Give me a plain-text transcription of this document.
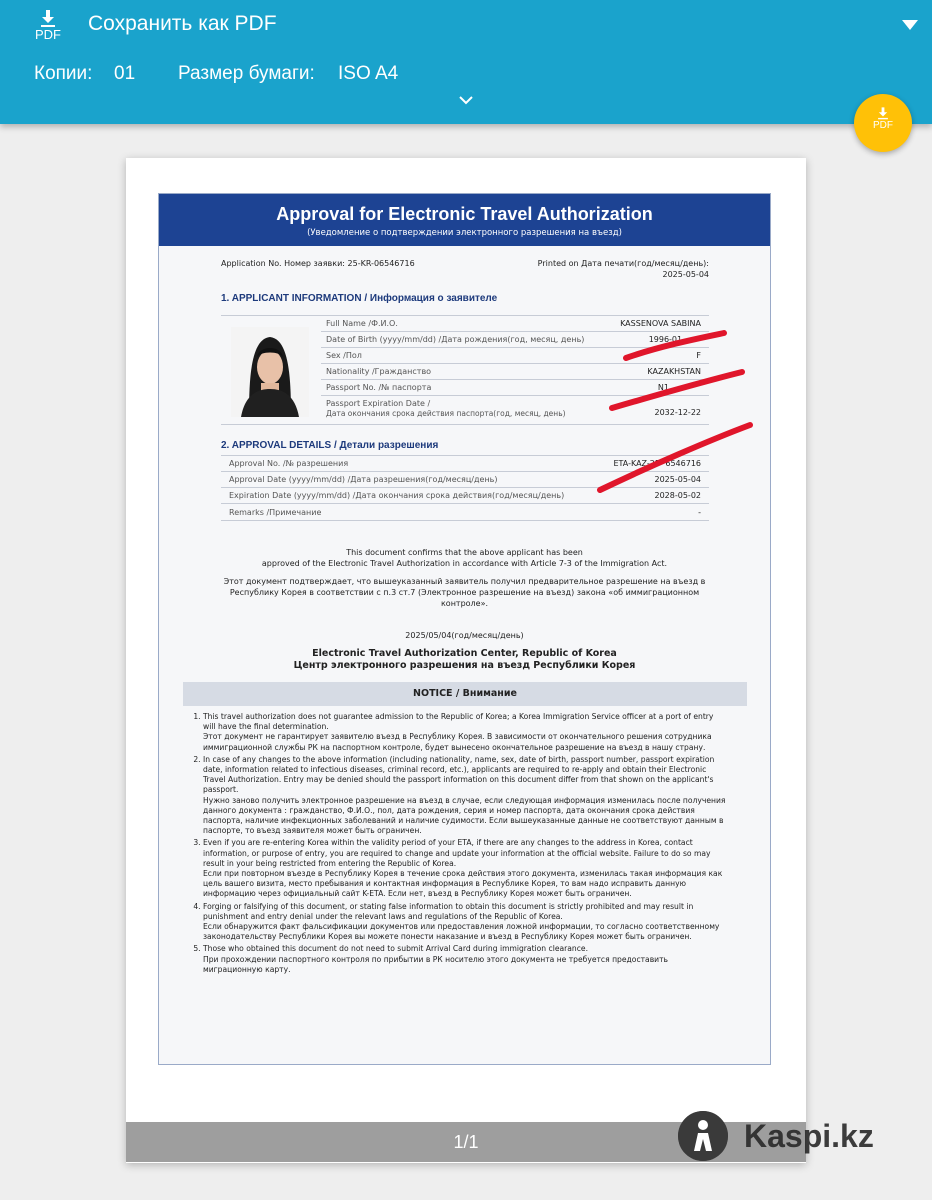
PDF Сохранить как PDF
Копии: 01 Размер бумаги: ISO A4
PDF
Approval for Electronic Travel Authorization
(Уведомление о подтверждении электронного разрешения на въезд)
Application No. Номер заявки: 25-KR-06546716	Printed on Дата печати(год/месяц/день):
2025-05-04
1. APPLICANT INFORMATION / Информация о заявителе
Full Name /Ф.И.О.	KASSENOVA SABINA
Date of Birth (yyyy/mm/dd) /Дата рождения(год, месяц, день)	1996-01-
Sex /Пол	F
Nationality /Гражданство	KAZAKHSTAN
Passport No. /№ паспорта	N1
Passport Expiration Date /
Дата окончания срока действия паспорта(год, месяц, день)	2032-12-22
2. APPROVAL DETAILS / Детали разрешения
Approval No. /№ разрешения	ETA-KAZ-25- 6546716
Approval Date (yyyy/mm/dd) /Дата разрешения(год/месяц/день)	2025-05-04
Expiration Date (yyyy/mm/dd) /Дата окончания срока действия(год/месяц/день)	2028-05-02
Remarks /Примечание	-
This document confirms that the above applicant has been
approved of the Electronic Travel Authorization in accordance with Article 7-3 of the Immigration Act.
Этот документ подтверждает, что вышеуказанный заявитель получил предварительное разрешение на въезд в
Республику Корея в соответствии с п.3 ст.7 (Электронное разрешение на въезд) закона «об иммиграционном
контроле».
2025/05/04(год/месяц/день)
Electronic Travel Authorization Center, Republic of Korea
Центр электронного разрешения на въезд Республики Корея
NOTICE / Внимание
1. This travel authorization does not guarantee admission to the Republic of Korea; a Korea Immigration Service officer at a port of entry will have the final determination.
Этот документ не гарантирует заявителю въезд в Республику Корея. В зависимости от окончательного решения сотрудника иммиграционной службы РК на паспортном контроле, будет вынесено окончательное разрешение на въезд в нашу страну.
2. In case of any changes to the above information (including nationality, name, sex, date of birth, passport number, passport expiration date, information related to infectious diseases, criminal record, etc.), applicants are required to re-apply and obtain their Electronic Travel Authorization. Entry may be denied should the passport information on this document differ from that shown on the applicant's passport.
Нужно заново получить электронное разрешение на въезд в случае, если следующая информация изменилась после получения данного документа : гражданство, Ф.И.О., пол, дата рождения, серия и номер паспорта, дата окончания срока действия паспорта, наличие инфекционных заболеваний и наличие судимости. Если вышеуказанные данные не соответствуют данным в паспорте, то въезд заявителя может быть ограничен.
3. Even if you are re-entering Korea within the validity period of your ETA, if there are any changes to the address in Korea, contact information, or purpose of entry, you are required to change and update your information at the official website. Failure to do so may result in your being restricted from entering the Republic of Korea.
Если при повторном въезде в Республику Корея в течение срока действия этого документа, изменилась такая информация как цель вашего визита, место пребывания и контактная информация в Республике Корея, то вам надо исправить данную информацию через официальный сайт K-ETA. Если нет, въезд в Республику Корея может быть ограничен.
4. Forging or falsifying of this document, or stating false information to obtain this document is strictly prohibited and may result in punishment and entry denial under the relevant laws and regulations of the Republic of Korea.
Если обнаружится факт фальсификации документов или предоставления ложной информации, то согласно соответственному законодательству Республики Корея вы можете понести наказание и въезд в Республику Корея может быть ограничен.
5. Those who obtained this document do not need to submit Arrival Card during immigration clearance.
При прохождении паспортного контроля по прибытии в РК носителю этого документа не требуется предоставить миграционную карту.
1/1	Kaspi.kz
